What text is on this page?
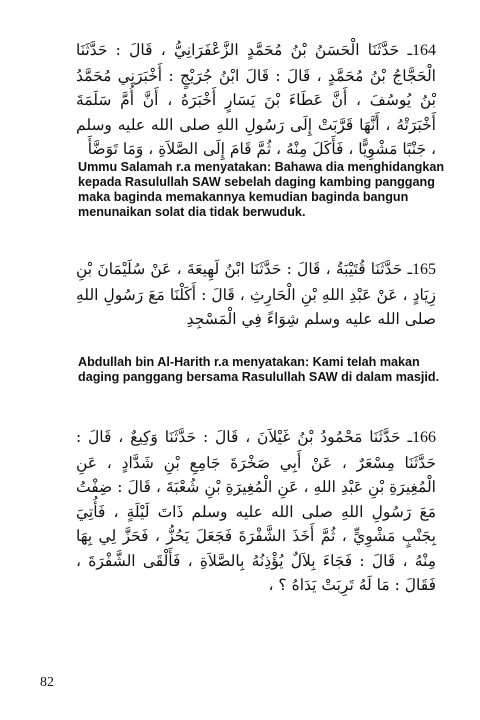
164ـ حَدَّثَنَا الْحَسَنُ بْنُ مُحَمَّدٍ الزَّعْفَرَانِيُّ ، قَالَ : حَدَّثَنَا الْحَجَّاجُ بْنُ مُحَمَّدٍ ، قَالَ : قَالَ ابْنُ جُرَيْجٍ : أَخْبَرَنِي مُحَمَّدُ بْنُ يُوسُفَ ، أَنَّ عَطَاءَ بْنَ يَسَارٍ أَخْبَرَهُ ، أَنَّ أُمَّ سَلَمَةَ أَخْبَرَتْهُ ، أَنَّهَا قَرَّبَتْ إِلَى رَسُولِ اللهِ صلى الله عليه وسلم ، جَنْبًا مَشْوِيًّا ، فَأَكَلَ مِنْهُ ، ثُمَّ قَامَ إِلَى الصَّلاَةِ ، وَمَا تَوَضَّأَ
Ummu Salamah r.a menyatakan: Bahawa dia menghidangkan
kepada Rasulullah SAW sebelah daging kambing panggang
maka baginda memakannya kemudian baginda bangun
menunaikan solat dia tidak berwuduk.
165ـ حَدَّثَنَا قُتَيْبَةُ ، قَالَ : حَدَّثَنَا ابْنُ لَهِيعَةَ ، عَنْ سُلَيْمَانَ بْنِ زِيَادٍ ، عَنْ عَبْدِ اللهِ بْنِ الْحَارِثِ ، قَالَ : أَكَلْنَا مَعَ رَسُولِ اللهِ صلى الله عليه وسلم شِوَاءً فِي الْمَسْجِدِ
Abdullah bin Al-Harith r.a menyatakan: Kami telah makan
daging panggang bersama Rasulullah SAW di dalam masjid.
166ـ حَدَّثَنَا مَحْمُودُ بْنُ غَيْلاَنَ ، قَالَ : حَدَّثَنَا وَكِيعٌ ، قَالَ : حَدَّثَنَا مِسْعَرٌ ، عَنْ أَبِي صَخْرَةَ جَامِعِ بْنِ شَدَّادٍ ، عَنِ الْمُغِيرَةِ بْنِ عَبْدِ اللهِ ، عَنِ الْمُغِيرَةِ بْنِ شُعْبَةَ ، قَالَ : ضِفْتُ مَعَ رَسُولِ اللهِ صلى الله عليه وسلم ذَاتَ لَيْلَةٍ ، فَأُتِيَ بِجَنْبٍ مَشْوِيٍّ ، ثُمَّ أَخَذَ الشَّفْرَةَ فَجَعَلَ يَحُزُّ ، فَحَزَّ لِي بِهَا مِنْهُ ، قَالَ : فَجَاءَ بِلاَلٌ يُؤْذِنُهُ بِالصَّلاَةِ ، فَأَلْقَى الشَّفْرَةَ ، فَقَالَ : مَا لَهُ تَرِبَتْ يَدَاهُ ؟ ،
82
